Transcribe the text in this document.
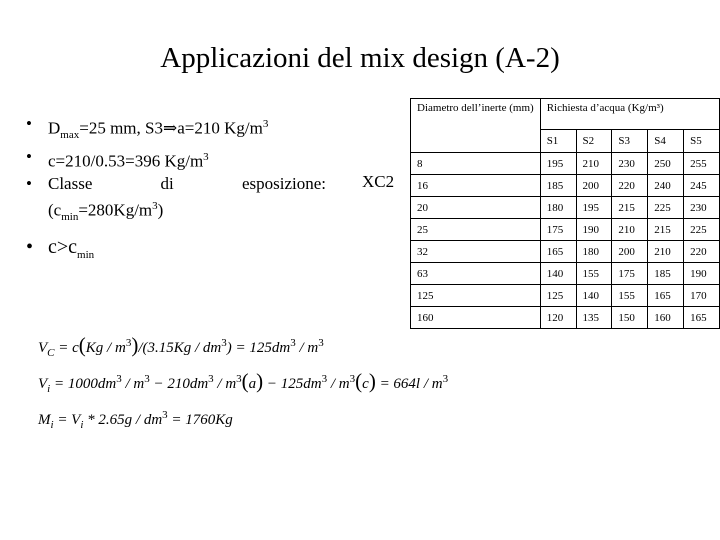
Applicazioni del mix design (A-2)
• $D_{max}=25$ mm, S3⇒a=210 $Kg/m^3$
• c=210/0.53=396 $Kg/m^3$
• Classe	di	esposizione:
$(c_{min}=280Kg/m^3)$
• $c>c_{min}$
XC2
Diametro dell’inerte (mm)	Richiesta d’acqua (Kg/m³)				
	S1	S2	S3	S4	S5
8	195	210	230	250	255
16	185	200	220	240	245
20	180	195	215	225	230
25	175	190	210	215	225
32	165	180	200	210	220
63	140	155	175	185	190
125	125	140	155	165	170
160	120	135	150	160	165
$V_C = c(Kg / m^3)/(3.15Kg / dm^3) = 125dm^3 / m^3$
$V_i = 1000dm^3 / m^3 - 210dm^3 / m^3(a) - 125dm^3 / m^3(c) = 664l / m^3$
$M_i = V_i * 2.65g / dm^3 = 1760Kg$
